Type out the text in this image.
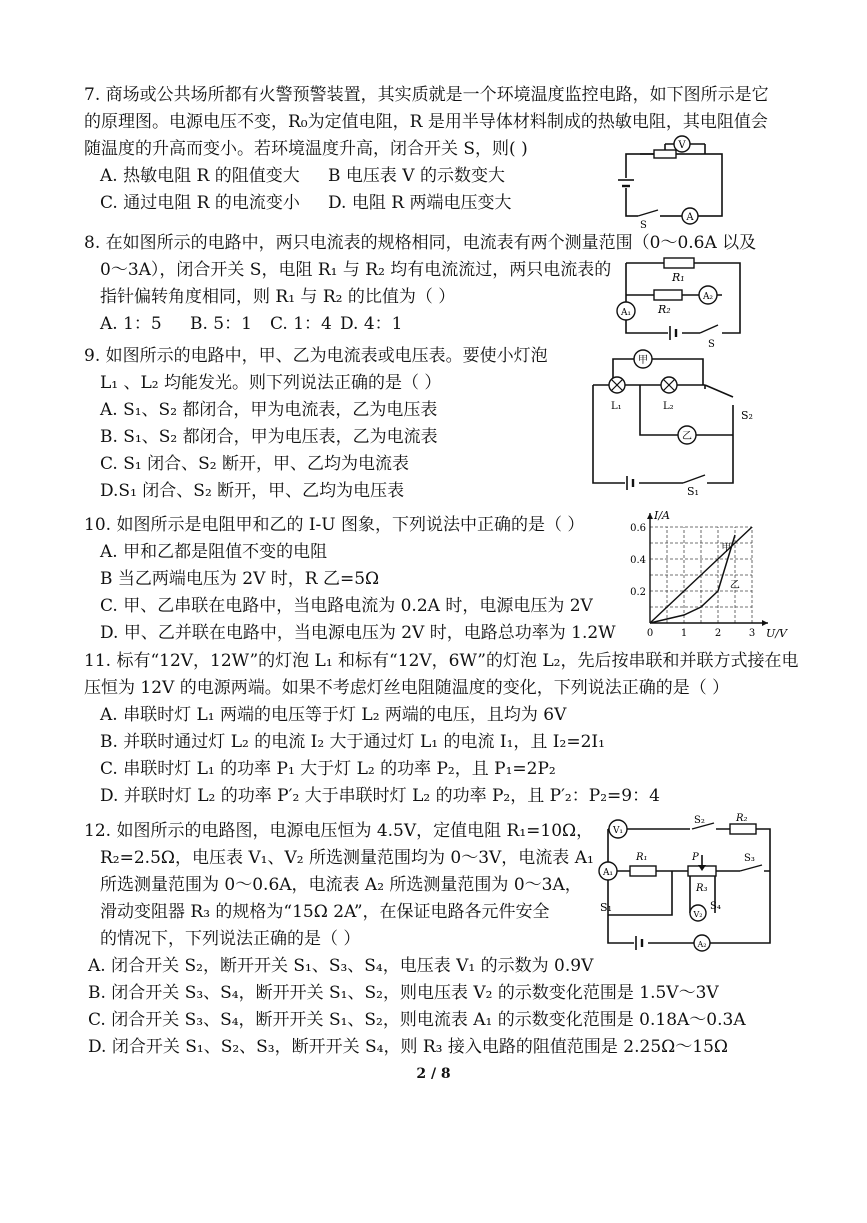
7. 商场或公共场所都有火警预警装置，其实质就是一个环境温度监控电路，如下图所示是它
的原理图。电源电压不变，R₀为定值电阻，R 是用半导体材料制成的热敏电阻，其电阻值会
随温度的升高而变小。若环境温度升高，闭合开关 S，则( )
A. 热敏电阻 R 的阻值变大 B 电压表 V 的示数变大
C. 通过电阻 R 的电流变小 D. 电阻 R 两端电压变大
V
A
S
8. 在如图所示的电路中，两只电流表的规格相同，电流表有两个测量范围（0～0.6A 以及
0～3A），闭合开关 S，电阻 R₁ 与 R₂ 均有电流流过，两只电流表的
指针偏转角度相同，则 R₁ 与 R₂ 的比值为（ ）
A. 1：5 B. 5：1 C. 1：4 D. 4：1
R₁
R₂
A₁
A₂
S
9. 如图所示的电路中，甲、乙为电流表或电压表。要使小灯泡
L₁ 、L₂ 均能发光。则下列说法正确的是（ ）
A. S₁、S₂ 都闭合，甲为电流表，乙为电压表
B. S₁、S₂ 都闭合，甲为电压表，乙为电流表
C. S₁ 闭合、S₂ 断开，甲、乙均为电流表
D.S₁ 闭合、S₂ 断开，甲、乙均为电压表
甲
L₁	L₂
乙
S₂
S₁
10. 如图所示是电阻甲和乙的 I-U 图象，下列说法中正确的是（ ）
A. 甲和乙都是阻值不变的电阻
B 当乙两端电压为 2V 时，R 乙=5Ω
C. 甲、乙串联在电路中，当电路电流为 0.2A 时，电源电压为 2V
D. 甲、乙并联在电路中，当电源电压为 2V 时，电路总功率为 1.2W	0	1	2	3
0.2
0.4
0.6
甲
乙
I/A
U/V
11. 标有“12V，12W”的灯泡 L₁ 和标有“12V，6W”的灯泡 L₂，先后按串联和并联方式接在电
压恒为 12V 的电源两端。如果不考虑灯丝电阻随温度的变化，下列说法正确的是（ ）
A. 串联时灯 L₁ 两端的电压等于灯 L₂ 两端的电压，且均为 6V
B. 并联时通过灯 L₂ 的电流 I₂ 大于通过灯 L₁ 的电流 I₁，且 I₂=2I₁
C. 串联时灯 L₁ 的功率 P₁ 大于灯 L₂ 的功率 P₂，且 P₁=2P₂
D. 并联时灯 L₂ 的功率 P′₂ 大于串联时灯 L₂ 的功率 P₂，且 P′₂：P₂=9：4
12. 如图所示的电路图，电源电压恒为 4.5V，定值电阻 R₁=10Ω，
R₂=2.5Ω，电压表 V₁、V₂ 所选测量范围均为 0～3V，电流表 A₁
所选测量范围为 0～0.6A，电流表 A₂ 所选测量范围为 0～3A，
滑动变阻器 R₃ 的规格为“15Ω 2A”，在保证电路各元件安全
的情况下，下列说法正确的是（ ）
A. 闭合开关 S₂，断开开关 S₁、S₃、S₄，电压表 V₁ 的示数为 0.9V
B. 闭合开关 S₃、S₄，断开开关 S₁、S₂，则电压表 V₂ 的示数变化范围是 1.5V～3V
C. 闭合开关 S₃、S₄，断开开关 S₁、S₂，则电流表 A₁ 的示数变化范围是 0.18A～0.3A
D. 闭合开关 S₁、S₂、S₃，断开开关 S₄，则 R₃ 接入电路的阻值范围是 2.25Ω～15Ω
V₁
S₂	R₂
A₁
R₁	P
R₃
S₃
V₂
S₄
S₁
A₂
2 / 8
